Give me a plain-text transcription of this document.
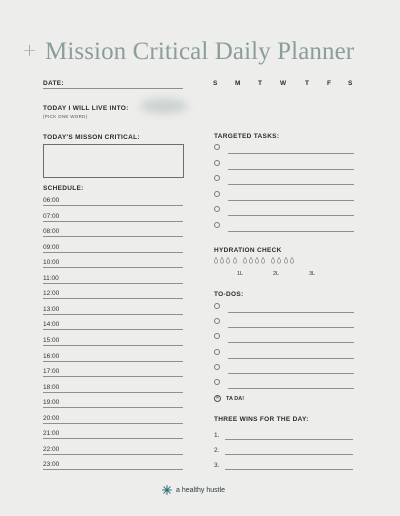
+ Mission Critical Daily Planner
DATE:	S	M	T	W	T	F	S
TODAY I WILL LIVE INTO:
(PICK ONE WORD)
TODAY'S MISSON CRITICAL:
SCHEDULE:
06:00
07:00
08:00
09:00
10:00
11:00
12:00
13:00
14:00
15:00
16:00
17:00
18:00
19:00
20:00
21:00
22:00
23:00
TARGETED TASKS:
HYDRATION CHECK
1L	2L	3L
TO-DOS:
✕ TA DA!
THREE WINS FOR THE DAY:
1.
2.
3.
a healthy hustle
